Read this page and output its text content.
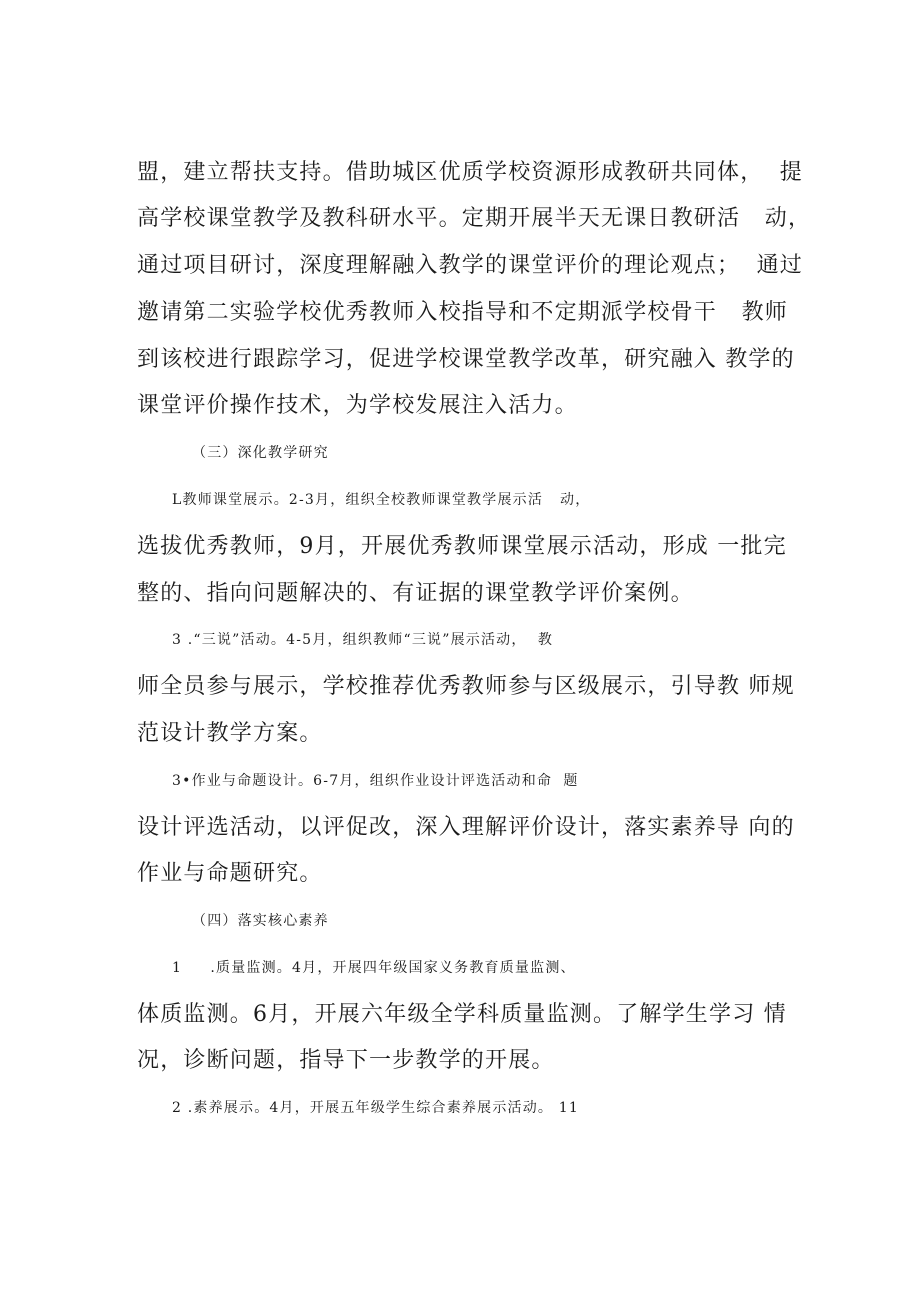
盟，建立帮扶支持。借助城区优质学校资源形成教研共同体，  提
高学校课堂教学及教科研水平。定期开展半天无课日教研活   动，
通过项目研讨，深度理解融入教学的课堂评价的理论观点；  通过
邀请第二实验学校优秀教师入校指导和不定期派学校骨干   教师
到该校进行跟踪学习，促进学校课堂教学改革，研究融入 教学的
课堂评价操作技术，为学校发展注入活力。
（三）深化教学研究
L教师课堂展示。2-3月，组织全校教师课堂教学展示活   动，
选拔优秀教师，9月，开展优秀教师课堂展示活动，形成 一批完
整的、指向问题解决的、有证据的课堂教学评价案例。
3 .“三说”活动。4-5月，组织教师“三说”展示活动，  教
师全员参与展示，学校推荐优秀教师参与区级展示，引导教 师规
范设计教学方案。
3•作业与命题设计。6-7月，组织作业设计评选活动和命  题
设计评选活动，以评促改，深入理解评价设计，落实素养导 向的
作业与命题研究。
（四）落实核心素养
1     .质量监测。4月，开展四年级国家义务教育质量监测、
体质监测。6月，开展六年级全学科质量监测。了解学生学习 情
况，诊断问题，指导下一步教学的开展。
2 .素养展示。4月，开展五年级学生综合素养展示活动。 11
